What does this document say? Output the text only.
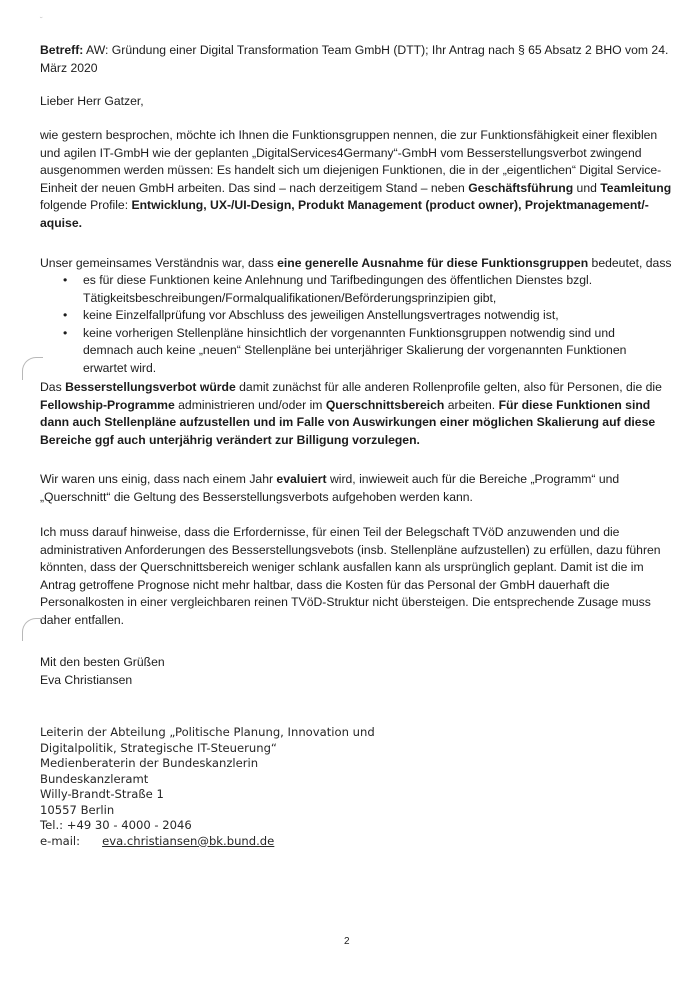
˘

Betreff: AW: Gründung einer Digital Transformation Team GmbH (DTT); Ihr Antrag nach § 65 Absatz 2 BHO vom 24. März 2020

Lieber Herr Gatzer,

wie gestern besprochen, möchte ich Ihnen die Funktionsgruppen nennen, die zur Funktionsfähigkeit einer flexiblen und agilen IT-GmbH wie der geplanten „DigitalServices4Germany“-GmbH vom Besserstellungsverbot zwingend ausgenommen werden müssen: Es handelt sich um diejenigen Funktionen, die in der „eigentlichen“ Digital Service-Einheit der neuen GmbH arbeiten. Das sind – nach derzeitigem Stand – neben Geschäftsführung und Teamleitung folgende Profile: Entwicklung, UX-/UI-Design, Produkt Management (product owner), Projektmanagement/-aquise.

Unser gemeinsames Verständnis war, dass eine generelle Ausnahme für diese Funktionsgruppen bedeutet, dass

• es für diese Funktionen keine Anlehnung und Tarifbedingungen des öffentlichen Dienstes bzgl. Tätigkeitsbeschreibungen/Formalqualifikationen/Beförderungsprinzipien gibt,
• keine Einzelfallprüfung vor Abschluss des jeweiligen Anstellungsvertrages notwendig ist,
• keine vorherigen Stellenpläne hinsichtlich der vorgenannten Funktionsgruppen notwendig sind und demnach auch keine „neuen“ Stellenpläne bei unterjähriger Skalierung der vorgenannten Funktionen erwartet wird.

Das Besserstellungsverbot würde damit zunächst für alle anderen Rollenprofile gelten, also für Personen, die die Fellowship-Programme administrieren und/oder im Querschnittsbereich arbeiten. Für diese Funktionen sind dann auch Stellenpläne aufzustellen und im Falle von Auswirkungen einer möglichen Skalierung auf diese Bereiche ggf auch unterjährig verändert zur Billigung vorzulegen.

Wir waren uns einig, dass nach einem Jahr evaluiert wird, inwieweit auch für die Bereiche „Programm“ und „Querschnitt“ die Geltung des Besserstellungsverbots aufgehoben werden kann.

Ich muss darauf hinweise, dass die Erfordernisse, für einen Teil der Belegschaft TVöD anzuwenden und die administrativen Anforderungen des Besserstellungsvebots (insb. Stellenpläne aufzustellen) zu erfüllen, dazu führen könnten, dass der Querschnittsbereich weniger schlank ausfallen kann als ursprünglich geplant. Damit ist die im Antrag getroffene Prognose nicht mehr haltbar, dass die Kosten für das Personal der GmbH dauerhaft die Personalkosten in einer vergleichbaren reinen TVöD-Struktur nicht übersteigen. Die entsprechende Zusage muss daher entfallen.

Mit den besten Grüßen
Eva Christiansen

Leiterin der Abteilung „Politische Planung, Innovation und
Digitalpolitik, Strategische IT-Steuerung“
Medienberaterin der Bundeskanzlerin
Bundeskanzleramt
Willy-Brandt-Straße 1
10557 Berlin
Tel.: +49 30 - 4000 - 2046
e-mail: eva.christiansen@bk.bund.de
2
